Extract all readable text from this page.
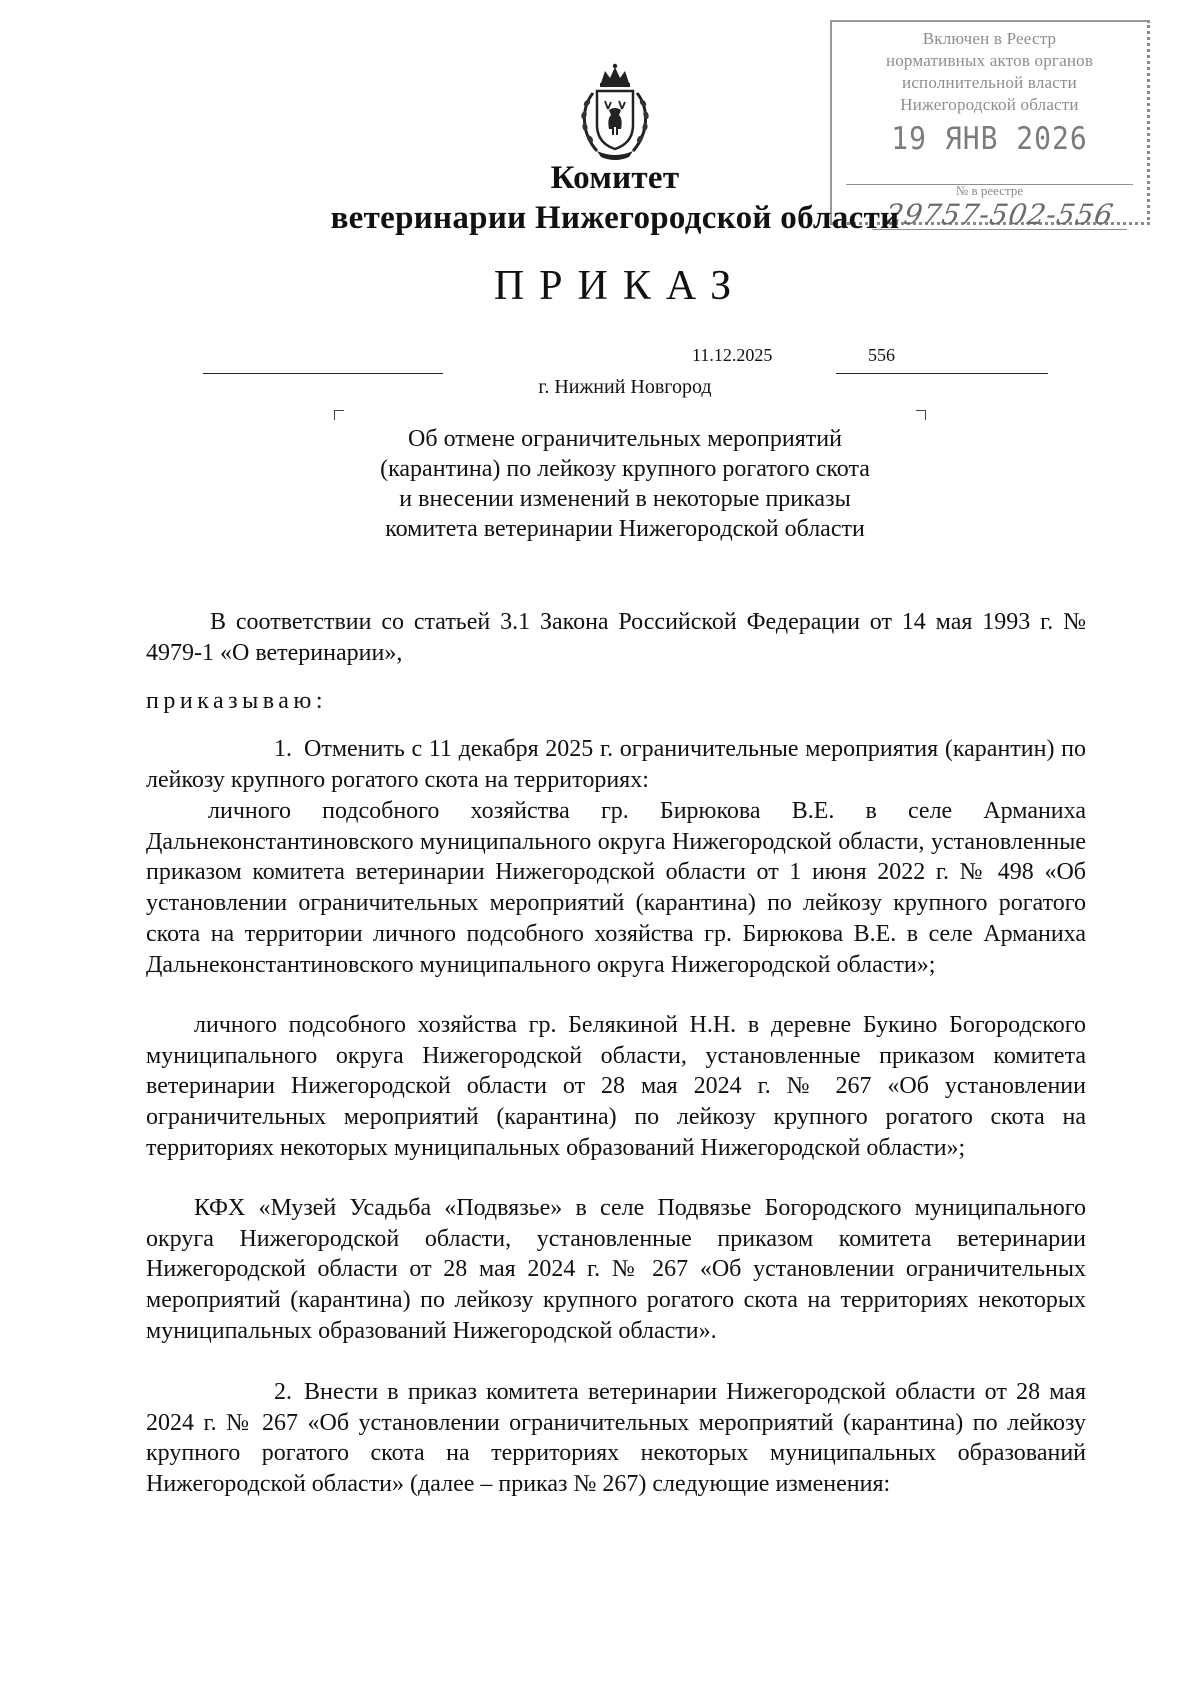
Включен в Реестр
нормативных актов органов
исполнительной власти
Нижегородской области
19 ЯНВ 2026
№ в реестре
29757-502-556
Комитет
ветеринарии Нижегородской области
ПРИКАЗ
11.12.2025	556
г. Нижний Новгород
Об отмене ограничительных мероприятий
(карантина) по лейкозу крупного рогатого скота
и внесении изменений в некоторые приказы
комитета ветеринарии Нижегородской области

В соответствии со статьей 3.1 Закона Российской Федерации от 14 мая 1993 г. № 4979-1 «О ветеринарии»,

приказываю:

1. Отменить с 11 декабря 2025 г. ограничительные мероприятия (карантин) по лейкозу крупного рогатого скота на территориях:

личного подсобного хозяйства гр. Бирюкова В.Е. в селе Арманиха Дальнеконстантиновского муниципального округа Нижегородской области, установленные приказом комитета ветеринарии Нижегородской области от 1 июня 2022 г. № 498 «Об установлении ограничительных мероприятий (карантина) по лейкозу крупного рогатого скота на территории личного подсобного хозяйства гр. Бирюкова В.Е. в селе Арманиха Дальнеконстантиновского муниципального округа Нижегородской области»;

личного подсобного хозяйства гр. Белякиной Н.Н. в деревне Букино Богородского муниципального округа Нижегородской области, установленные приказом комитета ветеринарии Нижегородской области от 28 мая 2024 г. № 267 «Об установлении ограничительных мероприятий (карантина) по лейкозу крупного рогатого скота на территориях некоторых муниципальных образований Нижегородской области»;

КФХ «Музей Усадьба «Подвязье» в селе Подвязье Богородского муниципального округа Нижегородской области, установленные приказом комитета ветеринарии Нижегородской области от 28 мая 2024 г. № 267 «Об установлении ограничительных мероприятий (карантина) по лейкозу крупного рогатого скота на территориях некоторых муниципальных образований Нижегородской области».

2. Внести в приказ комитета ветеринарии Нижегородской области от 28 мая 2024 г. № 267 «Об установлении ограничительных мероприятий (карантина) по лейкозу крупного рогатого скота на территориях некоторых муниципальных образований Нижегородской области» (далее – приказ № 267) следующие изменения:
